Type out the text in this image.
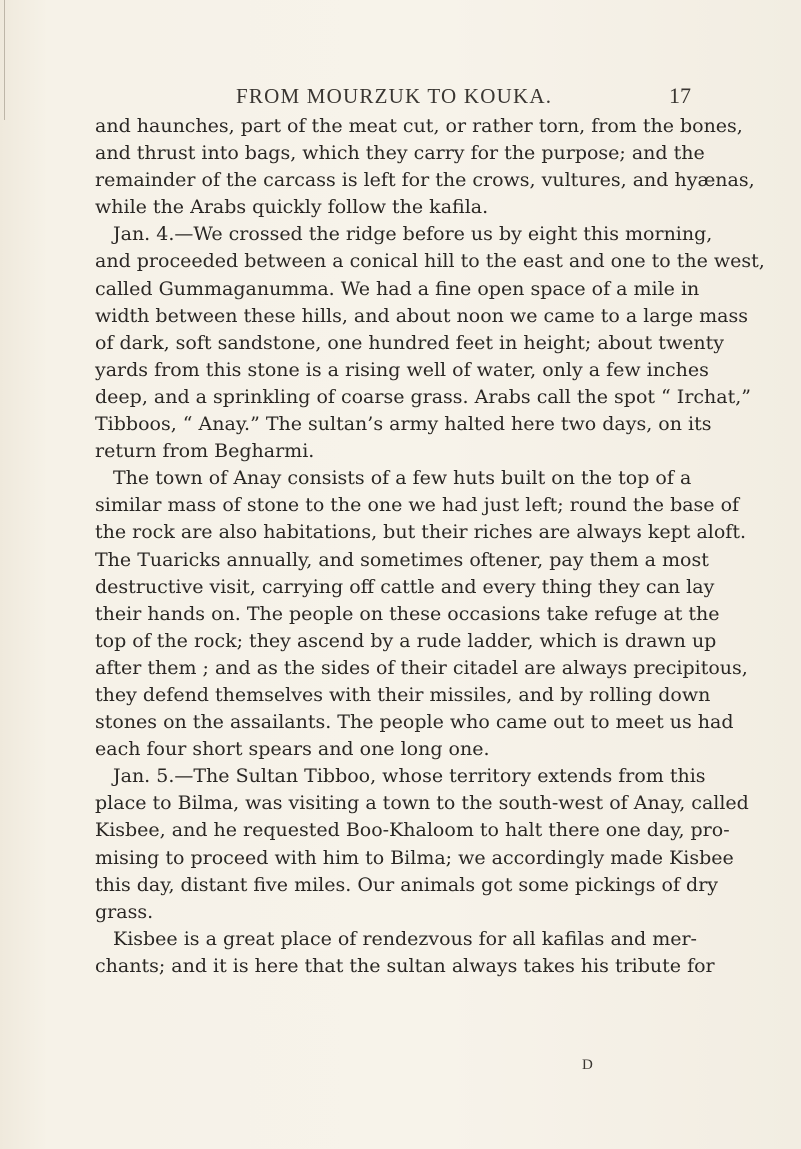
FROM MOURZUK TO KOUKA.	17
and haunches, part of the meat cut, or rather torn, from the bones,
and thrust into bags, which they carry for the purpose; and the
remainder of the carcass is left for the crows, vultures, and hyænas,
while the Arabs quickly follow the kafila.
Jan. 4.—We crossed the ridge before us by eight this morning,
and proceeded between a conical hill to the east and one to the west,
called Gummaganumma. We had a fine open space of a mile in
width between these hills, and about noon we came to a large mass
of dark, soft sandstone, one hundred feet in height; about twenty
yards from this stone is a rising well of water, only a few inches
deep, and a sprinkling of coarse grass. Arabs call the spot “ Irchat,”
Tibboos, “ Anay.” The sultan’s army halted here two days, on its
return from Begharmi.
The town of Anay consists of a few huts built on the top of a
similar mass of stone to the one we had just left; round the base of
the rock are also habitations, but their riches are always kept aloft.
The Tuaricks annually, and sometimes oftener, pay them a most
destructive visit, carrying off cattle and every thing they can lay
their hands on. The people on these occasions take refuge at the
top of the rock; they ascend by a rude ladder, which is drawn up
after them ; and as the sides of their citadel are always precipitous,
they defend themselves with their missiles, and by rolling down
stones on the assailants. The people who came out to meet us had
each four short spears and one long one.
Jan. 5.—The Sultan Tibboo, whose territory extends from this
place to Bilma, was visiting a town to the south-west of Anay, called
Kisbee, and he requested Boo-Khaloom to halt there one day, pro-
mising to proceed with him to Bilma; we accordingly made Kisbee
this day, distant five miles. Our animals got some pickings of dry
grass.
Kisbee is a great place of rendezvous for all kafilas and mer-
chants; and it is here that the sultan always takes his tribute for
D
